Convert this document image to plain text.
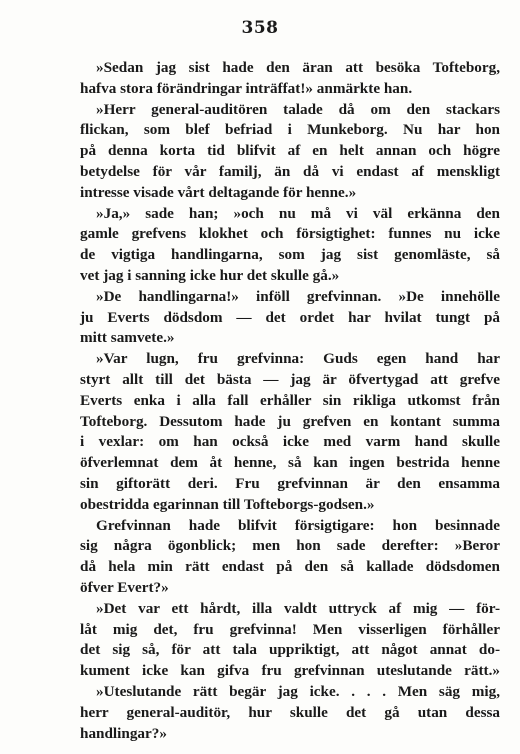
358

»Sedan jag sist hade den äran att besöka Tofteborg,
hafva stora förändringar inträffat!» anmärkte han.

»Herr general-auditören talade då om den stackars
flickan, som blef befriad i Munkeborg. Nu har hon
på denna korta tid blifvit af en helt annan och högre
betydelse för vår familj, än då vi endast af menskligt
intresse visade vårt deltagande för henne.»

»Ja,» sade han; »och nu må vi väl erkänna den
gamle grefvens klokhet och försigtighet: funnes nu icke
de vigtiga handlingarna, som jag sist genomläste, så
vet jag i sanning icke hur det skulle gå.»

»De handlingarna!» inföll grefvinnan. »De innehölle
ju Everts dödsdom — det ordet har hvilat tungt på
mitt samvete.»

»Var lugn, fru grefvinna: Guds egen hand har
styrt allt till det bästa — jag är öfvertygad att grefve
Everts enka i alla fall erhåller sin rikliga utkomst från
Tofteborg. Dessutom hade ju grefven en kontant summa
i vexlar: om han också icke med varm hand skulle
öfverlemnat dem åt henne, så kan ingen bestrida henne
sin giftorätt deri. Fru grefvinnan är den ensamma
obestridda egarinnan till Tofteborgs-godsen.»

Grefvinnan hade blifvit försigtigare: hon besinnade
sig några ögonblick; men hon sade derefter: »Beror
då hela min rätt endast på den så kallade dödsdomen
öfver Evert?»

»Det var ett hårdt, illa valdt uttryck af mig — för-
låt mig det, fru grefvinna! Men visserligen förhåller
det sig så, för att tala uppriktigt, att något annat do-
kument icke kan gifva fru grefvinnan uteslutande rätt.»

»Uteslutande rätt begär jag icke. . . . Men säg mig,
herr general-auditör, hur skulle det gå utan dessa
handlingar?»
